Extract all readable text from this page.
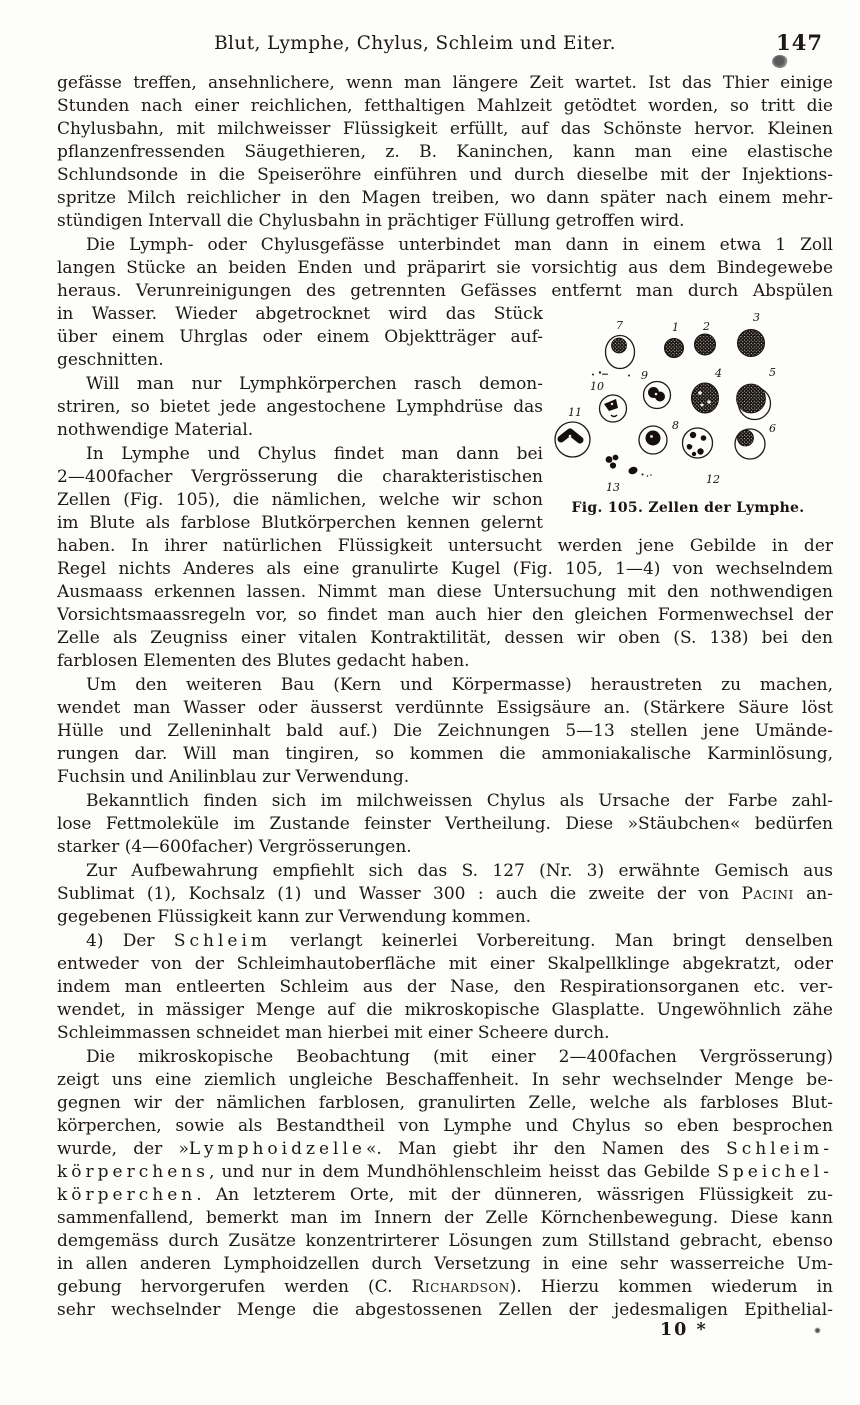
Blut, Lymphe, Chylus, Schleim und Eiter.	147
gefässe treffen, ansehnlichere, wenn man längere Zeit wartet. Ist das Thier einige
Stunden nach einer reichlichen, fetthaltigen Mahlzeit getödtet worden, so tritt die
Chylusbahn, mit milchweisser Flüssigkeit erfüllt, auf das Schönste hervor. Kleinen
pflanzenfressenden Säugethieren, z. B. Kaninchen, kann man eine elastische
Schlundsonde in die Speiseröhre einführen und durch dieselbe mit der Injektions-
spritze Milch reichlicher in den Magen treiben, wo dann später nach einem mehr-
stündigen Intervall die Chylusbahn in prächtiger Füllung getroffen wird.
Die Lymph- oder Chylusgefässe unterbindet man dann in einem etwa 1 Zoll
langen Stücke an beiden Enden und präparirt sie vorsichtig aus dem Bindegewebe
heraus. Verunreinigungen des getrennten Gefässes entfernt man durch Abspülen
7	1 2
3
9
10
4	5
11
8	6
12
13
Fig. 105. Zellen der Lymphe.
in Wasser. Wieder abgetrocknet wird das Stück
über einem Uhrglas oder einem Objektträger auf-
geschnitten.
Will man nur Lymphkörperchen rasch demon-
striren, so bietet jede angestochene Lymphdrüse das
nothwendige Material.
In Lymphe und Chylus findet man dann bei
2—400facher Vergrösserung die charakteristischen
Zellen (Fig. 105), die nämlichen, welche wir schon
im Blute als farblose Blutkörperchen kennen gelernt
haben. In ihrer natürlichen Flüssigkeit untersucht werden jene Gebilde in der
Regel nichts Anderes als eine granulirte Kugel (Fig. 105, 1—4) von wechselndem
Ausmaass erkennen lassen. Nimmt man diese Untersuchung mit den nothwendigen
Vorsichtsmaassregeln vor, so findet man auch hier den gleichen Formenwechsel der
Zelle als Zeugniss einer vitalen Kontraktilität, dessen wir oben (S. 138) bei den
farblosen Elementen des Blutes gedacht haben.
Um den weiteren Bau (Kern und Körpermasse) heraustreten zu machen,
wendet man Wasser oder äusserst verdünnte Essigsäure an. (Stärkere Säure löst
Hülle und Zelleninhalt bald auf.) Die Zeichnungen 5—13 stellen jene Umände-
rungen dar. Will man tingiren, so kommen die ammoniakalische Karminlösung,
Fuchsin und Anilinblau zur Verwendung.
Bekanntlich finden sich im milchweissen Chylus als Ursache der Farbe zahl-
lose Fettmoleküle im Zustande feinster Vertheilung. Diese »Stäubchen« bedürfen
starker (4—600facher) Vergrösserungen.
Zur Aufbewahrung empfiehlt sich das S. 127 (Nr. 3) erwähnte Gemisch aus
Sublimat (1), Kochsalz (1) und Wasser 300 : auch die zweite der von Pacini an-
gegebenen Flüssigkeit kann zur Verwendung kommen.
4) Der Schleim verlangt keinerlei Vorbereitung. Man bringt denselben
entweder von der Schleimhautoberfläche mit einer Skalpellklinge abgekratzt, oder
indem man entleerten Schleim aus der Nase, den Respirationsorganen etc. ver-
wendet, in mässiger Menge auf die mikroskopische Glasplatte. Ungewöhnlich zähe
Schleimmassen schneidet man hierbei mit einer Scheere durch.
Die mikroskopische Beobachtung (mit einer 2—400fachen Vergrösserung)
zeigt uns eine ziemlich ungleiche Beschaffenheit. In sehr wechselnder Menge be-
gegnen wir der nämlichen farblosen, granulirten Zelle, welche als farbloses Blut-
körperchen, sowie als Bestandtheil von Lymphe und Chylus so eben besprochen
wurde, der »Lymphoidzelle«. Man giebt ihr den Namen des Schleim-
körperchens, und nur in dem Mundhöhlenschleim heisst das Gebilde Speichel-
körperchen. An letzterem Orte, mit der dünneren, wässrigen Flüssigkeit zu-
sammenfallend, bemerkt man im Innern der Zelle Körnchenbewegung. Diese kann
demgemäss durch Zusätze konzentrirterer Lösungen zum Stillstand gebracht, ebenso
in allen anderen Lymphoidzellen durch Versetzung in eine sehr wasserreiche Um-
gebung hervorgerufen werden (C. Richardson). Hierzu kommen wiederum in
sehr wechselnder Menge die abgestossenen Zellen der jedesmaligen Epithelial-
10 *
